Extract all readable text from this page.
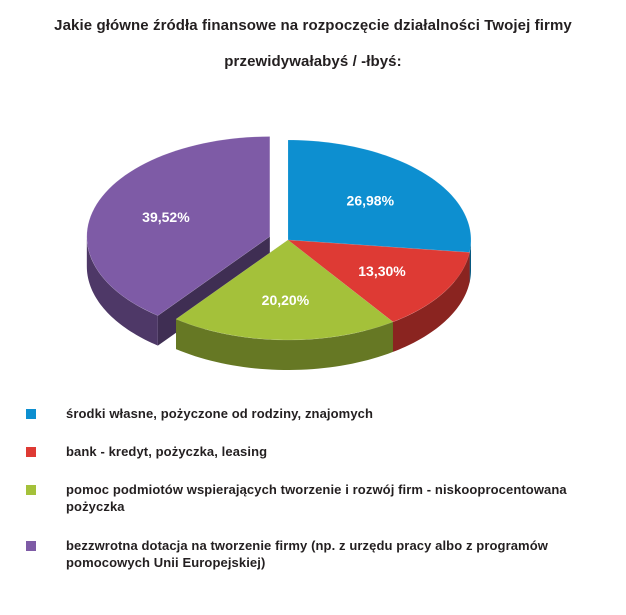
Jakie główne źródła finansowe na rozpoczęcie działalności Twojej firmy
przewidywałabyś / -łbyś:
26,98%
13,30%
20,20%
39,52%
środki własne, pożyczone od rodziny, znajomych
bank - kredyt, pożyczka, leasing
pomoc podmiotów wspierających tworzenie i rozwój firm - niskooprocentowana pożyczka
bezzwrotna dotacja na tworzenie firmy (np. z urzędu pracy albo z programów pomocowych Unii Europejskiej)
